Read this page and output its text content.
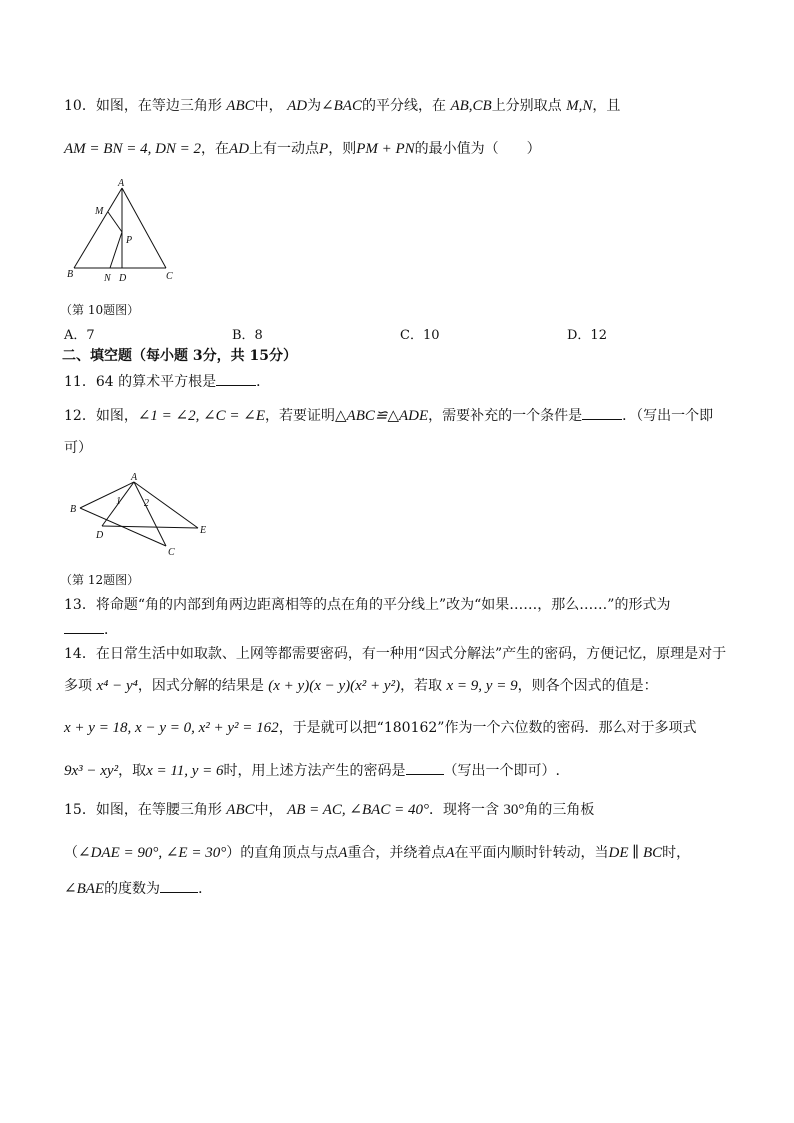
10．如图，在等边三角形 ABC中， AD为∠BAC的平分线，在 AB,CB上分别取点 M,N，且
AM = BN = 4, DN = 2，在AD上有一动点P，则PM + PN的最小值为（　　）
A
M
P
B	N D	C
（第 10题图）
A．7	B．8	C．10	D．12
二、填空题（每小题 3分，共 15分）
11．64 的算术平方根是	．
12．如图，∠1 = ∠2, ∠C = ∠E，若要证明△ABC≌△ADE，需要补充的一个条件是	．（写出一个即
可）
A
B
1 2
D	E
C
（第 12题图）
13．将命题“角的内部到角两边距离相等的点在角的平分线上”改为“如果……，那么……”的形式为
．
14．在日常生活中如取款、上网等都需要密码，有一种用“因式分解法”产生的密码，方便记忆，原理是对于
多项 x⁴ − y⁴，因式分解的结果是 (x + y)(x − y)(x² + y²)，若取 x = 9, y = 9，则各个因式的值是：
x + y = 18, x − y = 0, x² + y² = 162，于是就可以把“180162”作为一个六位数的密码．那么对于多项式
9x³ − xy²，取x = 11, y = 6时，用上述方法产生的密码是	（写出一个即可）.
15．如图，在等腰三角形 ABC中， AB = AC, ∠BAC = 40°．现将一含 30°角的三角板
（∠DAE = 90°, ∠E = 30°）的直角顶点与点A重合，并绕着点A在平面内顺时针转动，当DE ∥ BC时，
∠BAE的度数为	．
